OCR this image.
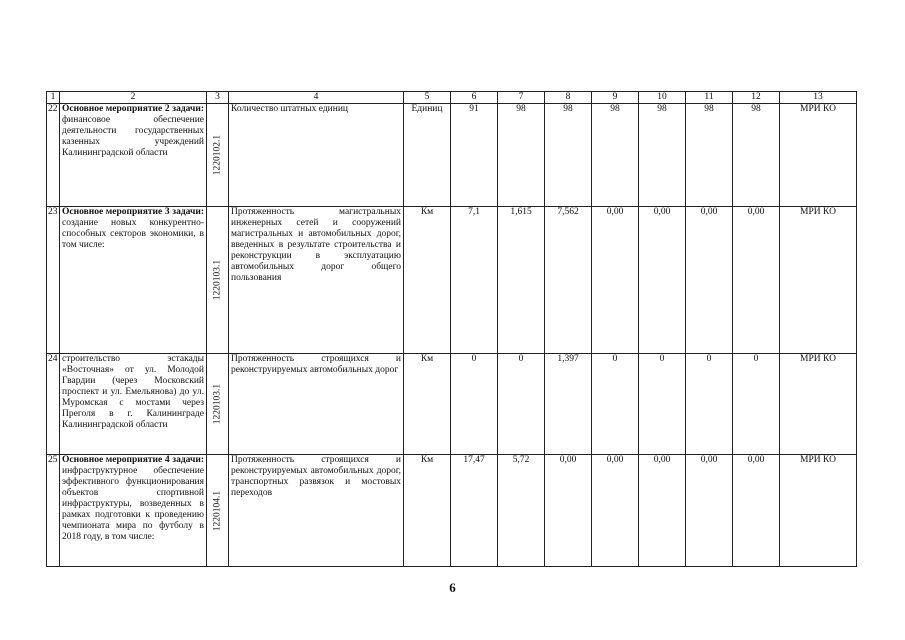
1	2	3	4	5	6	7	8	9	10	11	12	13
22	Основное мероприятие 2 задачи: финансовое обеспечение деятельности государственных казенных учреждений Калининградской области	1220102.1	Количество штатных единиц	Единиц	91	98	98	98	98	98	98	МРИ КО
23	Основное мероприятие 3 задачи: создание новых конкурентно-способных секторов экономики, в том числе:	1220103.1	Протяженность магистральных инженерных сетей и сооружений магистральных и автомобильных дорог, введенных в результате строительства и реконструкции в эксплуатацию автомобильных дорог общего пользования	Км	7,1	1,615	7,562	0,00	0,00	0,00	0,00	МРИ КО
24	строительство эстакады «Восточная» от ул. Молодой Гвардии (через Московский проспект и ул. Емельянова) до ул. Муромская с мостами через Преголя в г. Калининграде Калининградской области	1220103.1	Протяженность строящихся и реконструируемых автомобильных дорог	Км	0	0	1,397	0	0	0	0	МРИ КО
25	Основное мероприятие 4 задачи: инфраструктурное обеспечение эффективного функционирования объектов спортивной инфраструктуры, возведенных в рамках подготовки к проведению чемпионата мира по футболу в 2018 году, в том числе:	1220104.1	Протяженность строящихся и реконструируемых автомобильных дорог, транспортных развязок и мостовых переходов	Км	17,47	5,72	0,00	0,00	0,00	0,00	0,00	МРИ КО
6
